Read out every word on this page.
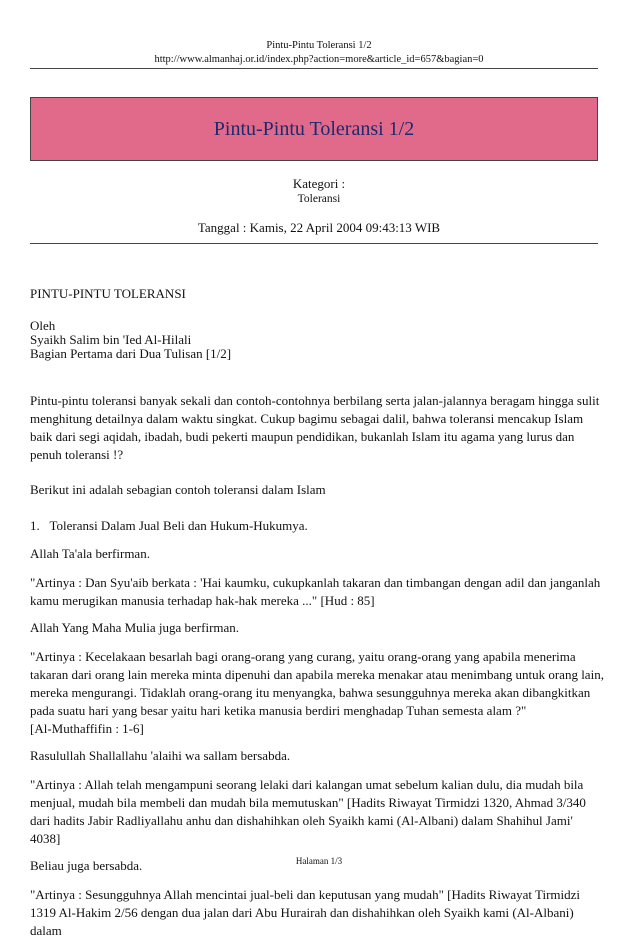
Pintu-Pintu Toleransi 1/2
http://www.almanhaj.or.id/index.php?action=more&article_id=657&bagian=0
Pintu-Pintu Toleransi 1/2
Kategori :
Toleransi
Tanggal : Kamis, 22 April 2004 09:43:13 WIB

PINTU-PINTU TOLERANSI

Oleh

Syaikh Salim bin 'Ied Al-Hilali

Bagian Pertama dari Dua Tulisan [1/2]

Pintu-pintu toleransi banyak sekali dan contoh-contohnya berbilang serta jalan-jalannya beragam hingga sulit menghitung detailnya dalam waktu singkat. Cukup bagimu sebagai dalil, bahwa toleransi mencakup Islam baik dari segi aqidah, ibadah, budi pekerti maupun pendidikan, bukanlah Islam itu agama yang lurus dan penuh toleransi !?

Berikut ini adalah sebagian contoh toleransi dalam Islam

1. Toleransi Dalam Jual Beli dan Hukum-Hukumya.

Allah Ta'ala berfirman.

"Artinya : Dan Syu'aib berkata : 'Hai kaumku, cukupkanlah takaran dan timbangan dengan adil dan janganlah kamu merugikan manusia terhadap hak-hak mereka ..." [Hud : 85]

Allah Yang Maha Mulia juga berfirman.

"Artinya : Kecelakaan besarlah bagi orang-orang yang curang, yaitu orang-orang yang apabila menerima takaran dari orang lain mereka minta dipenuhi dan apabila mereka menakar atau menimbang untuk orang lain, mereka mengurangi. Tidaklah orang-orang itu menyangka, bahwa sesungguhnya mereka akan dibangkitkan pada suatu hari yang besar yaitu hari ketika manusia berdiri menghadap Tuhan semesta alam ?"

[Al-Muthaffifin : 1-6]

Rasulullah Shallallahu 'alaihi wa sallam bersabda.

"Artinya : Allah telah mengampuni seorang lelaki dari kalangan umat sebelum kalian dulu, dia mudah bila menjual, mudah bila membeli dan mudah bila memutuskan" [Hadits Riwayat Tirmidzi 1320, Ahmad 3/340 dari hadits Jabir Radliyallahu anhu dan dishahihkan oleh Syaikh kami (Al-Albani) dalam Shahihul Jami' 4038]

Beliau juga bersabda.

"Artinya : Sesungguhnya Allah mencintai jual-beli dan keputusan yang mudah" [Hadits Riwayat Tirmidzi 1319 Al-Hakim 2/56 dengan dua jalan dari Abu Hurairah dan dishahihkan oleh Syaikh kami (Al-Albani) dalam

Halaman 1/3
